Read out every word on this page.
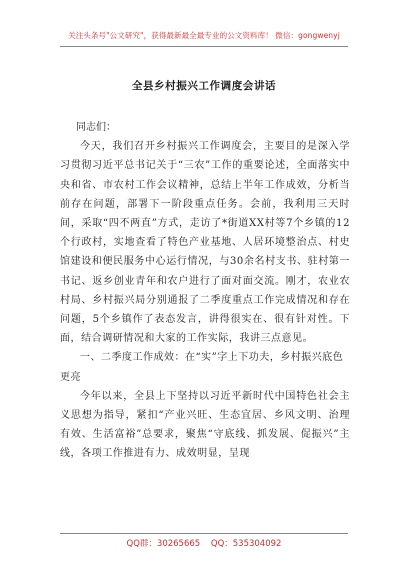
关注头条号"公文研究"，获得最新最全最专业的公文资料库！ 微信：gongwenyj
全县乡村振兴工作调度会讲话

同志们：

今天，我们召开乡村振兴工作调度会，主要目的是深入学习贯彻习近平总书记关于“三农”工作的重要论述，全面落实中央和省、市农村工作会议精神，总结上半年工作成效，分析当前存在问题，部署下一阶段重点任务。会前，我利用三天时间，采取“四不两直”方式，走访了*街道XX村等7个乡镇的12个行政村，实地查看了特色产业基地、人居环境整治点、村史馆建设和便民服务中心运行情况，与30余名村支书、驻村第一书记、返乡创业青年和农户进行了面对面交流。刚才，农业农村局、乡村振兴局分别通报了二季度重点工作完成情况和存在问题，5个乡镇作了表态发言，讲得很实在、很有针对性。下面，结合调研情况和大家的工作实际，我讲三点意见。

一、二季度工作成效：在“实”字上下功夫，乡村振兴底色更亮

今年以来，全县上下坚持以习近平新时代中国特色社会主义思想为指导，紧扣“产业兴旺、生态宜居、乡风文明、治理有效、生活富裕”总要求，聚焦“守底线、抓发展、促振兴”主线，各项工作推进有力、成效明显，呈现

QQ群：30265665 QQ：535304092
